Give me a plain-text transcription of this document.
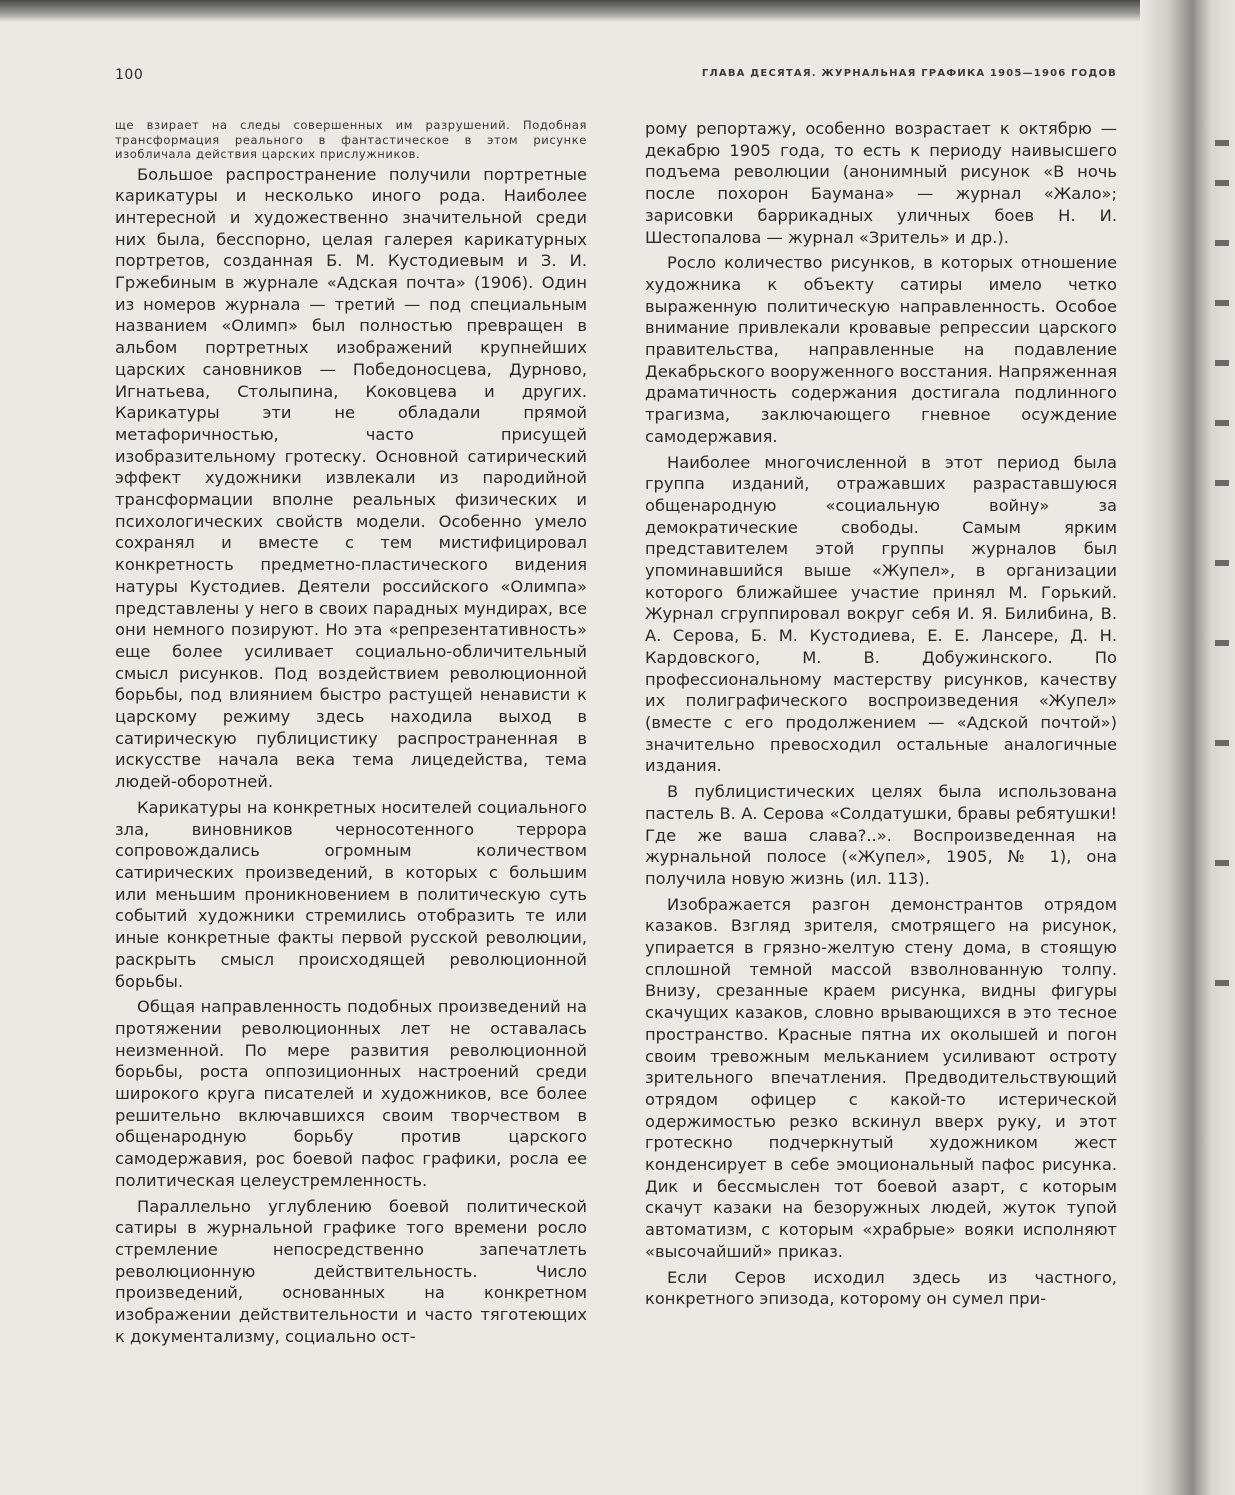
100	ГЛАВА ДЕСЯТАЯ. ЖУРНАЛЬНАЯ ГРАФИКА 1905—1906 ГОДОВ
ще взирает на следы совершенных им разрушений. Подобная трансформация реального в фантастическое в этом рисунке изобличала действия царских прислужников.

Большое распространение получили портретные карикатуры и несколько иного рода. Наиболее интересной и художественно значительной среди них была, бесспорно, целая галерея карикатурных портретов, созданная Б. М. Кустодиевым и З. И. Гржебиным в журнале «Адская почта» (1906). Один из номеров журнала — третий — под специальным названием «Олимп» был полностью превращен в альбом портретных изображений крупнейших царских сановников — Победоносцева, Дурново, Игнатьева, Столыпина, Коковцева и других. Карикатуры эти не обладали прямой метафоричностью, часто присущей изобразительному гротеску. Основной сатирический эффект художники извлекали из пародийной трансформации вполне реальных физических и психологических свойств модели. Особенно умело сохранял и вместе с тем мистифицировал конкретность предметно-пластического видения натуры Кустодиев. Деятели российского «Олимпа» представлены у него в своих парадных мундирах, все они немного позируют. Но эта «репрезентативность» еще более усиливает социально-обличительный смысл рисунков. Под воздействием революционной борьбы, под влиянием быстро растущей ненависти к царскому режиму здесь находила выход в сатирическую публицистику распространенная в искусстве начала века тема лицедейства, тема людей-оборотней.

Карикатуры на конкретных носителей социального зла, виновников черносотенного террора сопровождались огромным количеством сатирических произведений, в которых с большим или меньшим проникновением в политическую суть событий художники стремились отобразить те или иные конкретные факты первой русской революции, раскрыть смысл происходящей революционной борьбы.

Общая направленность подобных произведений на протяжении революционных лет не оставалась неизменной. По мере развития революционной борьбы, роста оппозиционных настроений среди широкого круга писателей и художников, все более решительно включавшихся своим творчеством в общенародную борьбу против царского самодержавия, рос боевой пафос графики, росла ее политическая целеустремленность.

Параллельно углублению боевой политической сатиры в журнальной графике того времени росло стремление непосредственно запечатлеть революционную действительность. Число произведений, основанных на конкретном изображении действительности и часто тяготеющих к документализму, социально ост-

рому репортажу, особенно возрастает к октябрю — декабрю 1905 года, то есть к периоду наивысшего подъема революции (анонимный рисунок «В ночь после похорон Баумана» — журнал «Жало»; зарисовки баррикадных уличных боев Н. И. Шестопалова — журнал «Зритель» и др.).

Росло количество рисунков, в которых отношение художника к объекту сатиры имело четко выраженную политическую направленность. Особое внимание привлекали кровавые репрессии царского правительства, направленные на подавление Декабрьского вооруженного восстания. Напряженная драматичность содержания достигала подлинного трагизма, заключающего гневное осуждение самодержавия.

Наиболее многочисленной в этот период была группа изданий, отражавших разраставшуюся общенародную «социальную войну» за демократические свободы. Самым ярким представителем этой группы журналов был упоминавшийся выше «Жупел», в организации которого ближайшее участие принял М. Горький. Журнал сгруппировал вокруг себя И. Я. Билибина, В. А. Серова, Б. М. Кустодиева, Е. Е. Лансере, Д. Н. Кардовского, М. В. Добужинского. По профессиональному мастерству рисунков, качеству их полиграфического воспроизведения «Жупел» (вместе с его продолжением — «Адской почтой») значительно превосходил остальные аналогичные издания.

В публицистических целях была использована пастель В. А. Серова «Солдатушки, бравы ребятушки! Где же ваша слава?..». Воспроизведенная на журнальной полосе («Жупел», 1905, № 1), она получила новую жизнь (ил. 113).

Изображается разгон демонстрантов отрядом казаков. Взгляд зрителя, смотрящего на рисунок, упирается в грязно-желтую стену дома, в стоящую сплошной темной массой взволнованную толпу. Внизу, срезанные краем рисунка, видны фигуры скачущих казаков, словно врывающихся в это тесное пространство. Красные пятна их околышей и погон своим тревожным мельканием усиливают остроту зрительного впечатления. Предводительствующий отрядом офицер с какой-то истерической одержимостью резко вскинул вверх руку, и этот гротескно подчеркнутый художником жест конденсирует в себе эмоциональный пафос рисунка. Дик и бессмыслен тот боевой азарт, с которым скачут казаки на безоружных людей, жуток тупой автоматизм, с которым «храбрые» вояки исполняют «высочайший» приказ.

Если Серов исходил здесь из частного, конкретного эпизода, которому он сумел при-
